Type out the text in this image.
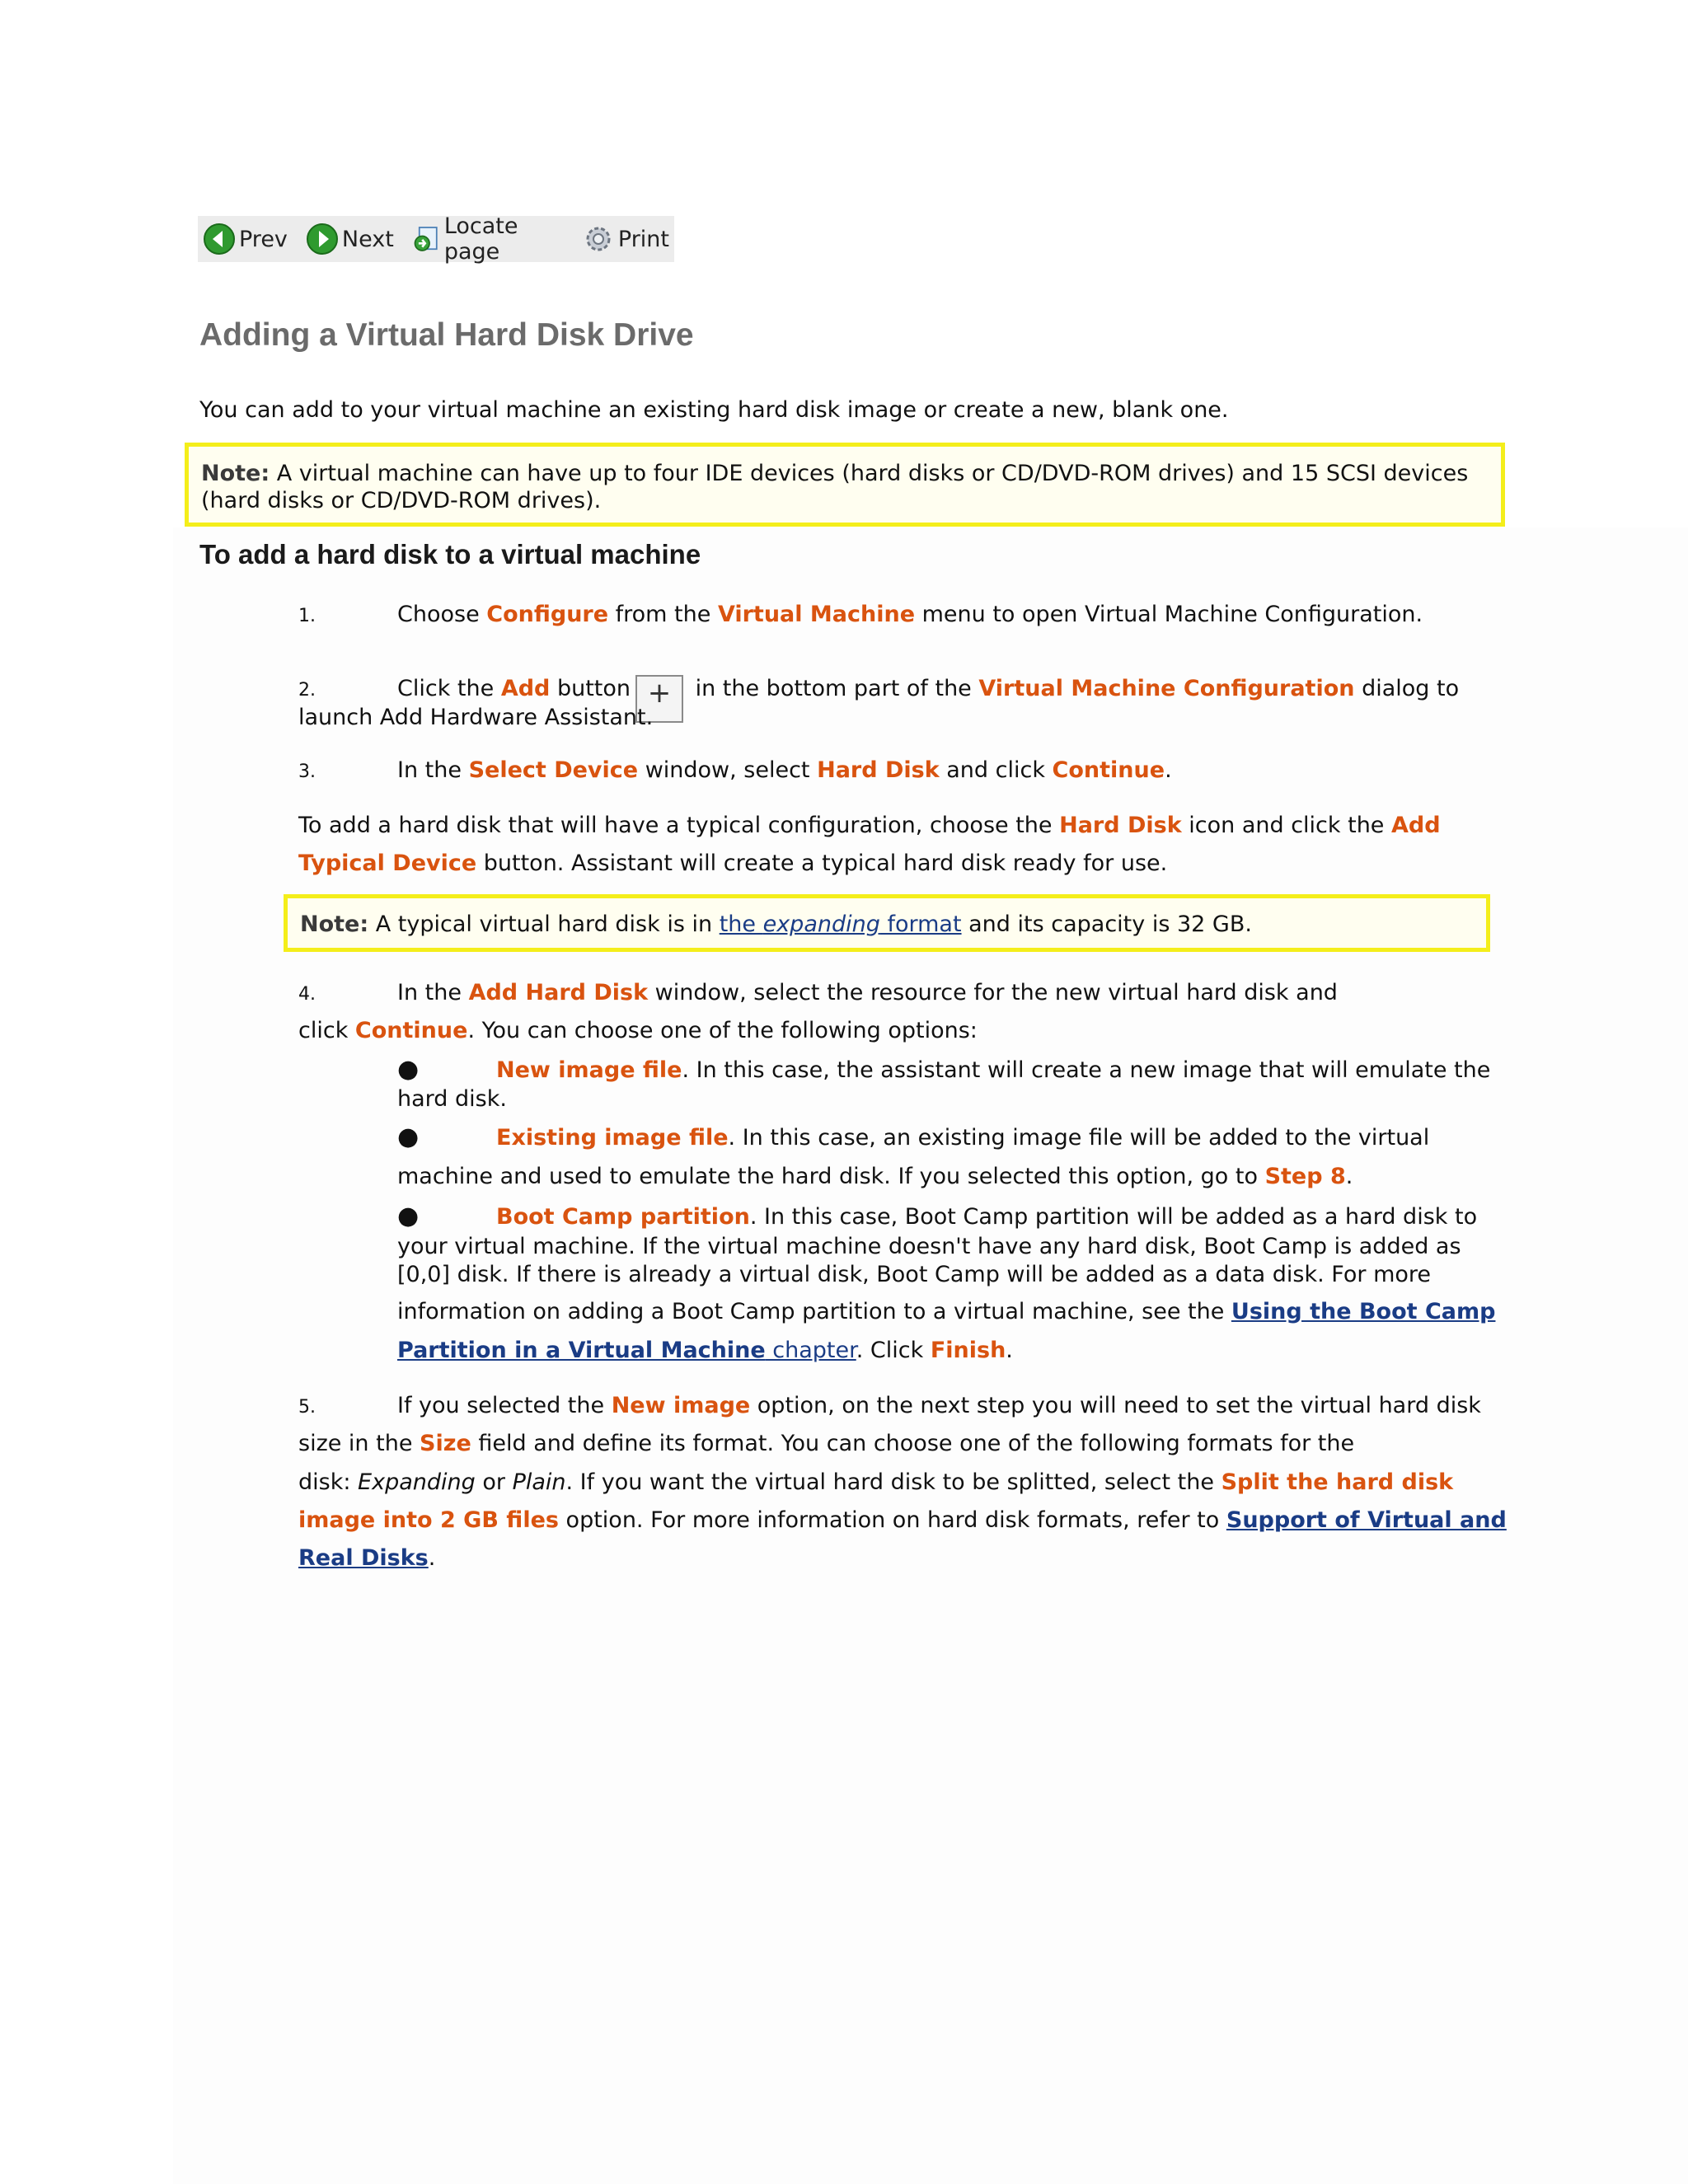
Prev Next Locate page	Print
Adding a Virtual Hard Disk Drive

You can add to your virtual machine an existing hard disk image or create a new, blank one.

Note: A virtual machine can have up to four IDE devices (hard disks or CD/DVD-ROM drives) and 15 SCSI devices (hard disks or CD/DVD-ROM drives).
To add a hard disk to a virtual machine

1.	Choose Configure from the Virtual Machine menu to open Virtual Machine Configuration.

2.	Click the Add button + in the bottom part of the Virtual Machine Configuration dialog to

launch Add Hardware Assistant.

3.	In the Select Device window, select Hard Disk and click Continue.

To add a hard disk that will have a typical configuration, choose the Hard Disk icon and click the Add

Typical Device button. Assistant will create a typical hard disk ready for use.

Note: A typical virtual hard disk is in the expanding format and its capacity is 32 GB.

4.	In the Add Hard Disk window, select the resource for the new virtual hard disk and

click Continue. You can choose one of the following options:

●	New image file. In this case, the assistant will create a new image that will emulate the

hard disk.

●	Existing image file. In this case, an existing image file will be added to the virtual

machine and used to emulate the hard disk. If you selected this option, go to Step 8.

●	Boot Camp partition. In this case, Boot Camp partition will be added as a hard disk to

your virtual machine. If the virtual machine doesn't have any hard disk, Boot Camp is added as

[0,0] disk. If there is already a virtual disk, Boot Camp will be added as a data disk. For more

information on adding a Boot Camp partition to a virtual machine, see the Using the Boot Camp

Partition in a Virtual Machine chapter. Click Finish.

5.	If you selected the New image option, on the next step you will need to set the virtual hard disk

size in the Size field and define its format. You can choose one of the following formats for the

disk: Expanding or Plain. If you want the virtual hard disk to be splitted, select the Split the hard disk

image into 2 GB files option. For more information on hard disk formats, refer to Support of Virtual and

Real Disks.
